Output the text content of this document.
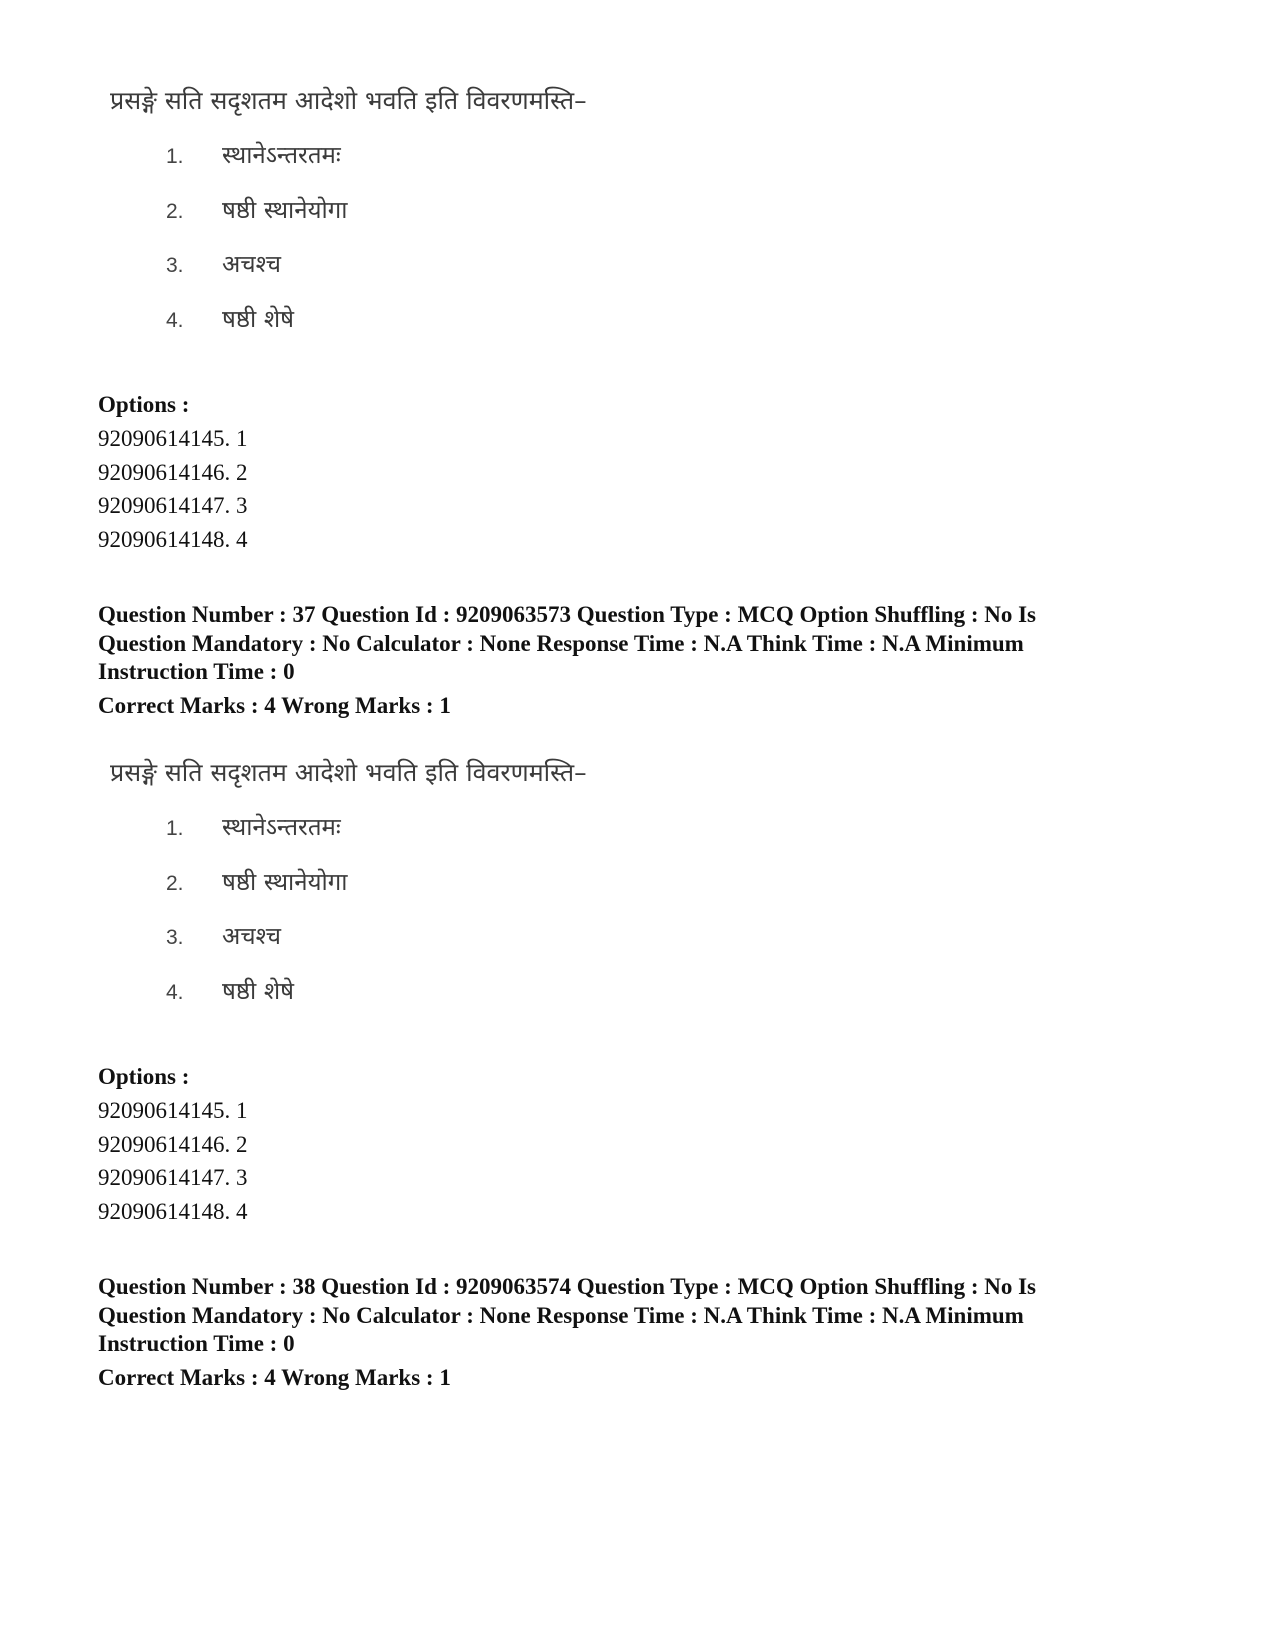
प्रसङ्गे सति सदृशतम आदेशो भवति इति विवरणमस्ति–
1. स्थानेऽन्तरतमः
2. षष्ठी स्थानेयोगा
3. अचश्च
4. षष्ठी शेषे
Options :
92090614145. 1
92090614146. 2
92090614147. 3
92090614148. 4
Question Number : 37 Question Id : 9209063573 Question Type : MCQ Option Shuffling : No Is
Question Mandatory : No Calculator : None Response Time : N.A Think Time : N.A Minimum
Instruction Time : 0
Correct Marks : 4 Wrong Marks : 1
प्रसङ्गे सति सदृशतम आदेशो भवति इति विवरणमस्ति–
1. स्थानेऽन्तरतमः
2. षष्ठी स्थानेयोगा
3. अचश्च
4. षष्ठी शेषे
Options :
92090614145. 1
92090614146. 2
92090614147. 3
92090614148. 4
Question Number : 38 Question Id : 9209063574 Question Type : MCQ Option Shuffling : No Is
Question Mandatory : No Calculator : None Response Time : N.A Think Time : N.A Minimum
Instruction Time : 0
Correct Marks : 4 Wrong Marks : 1
